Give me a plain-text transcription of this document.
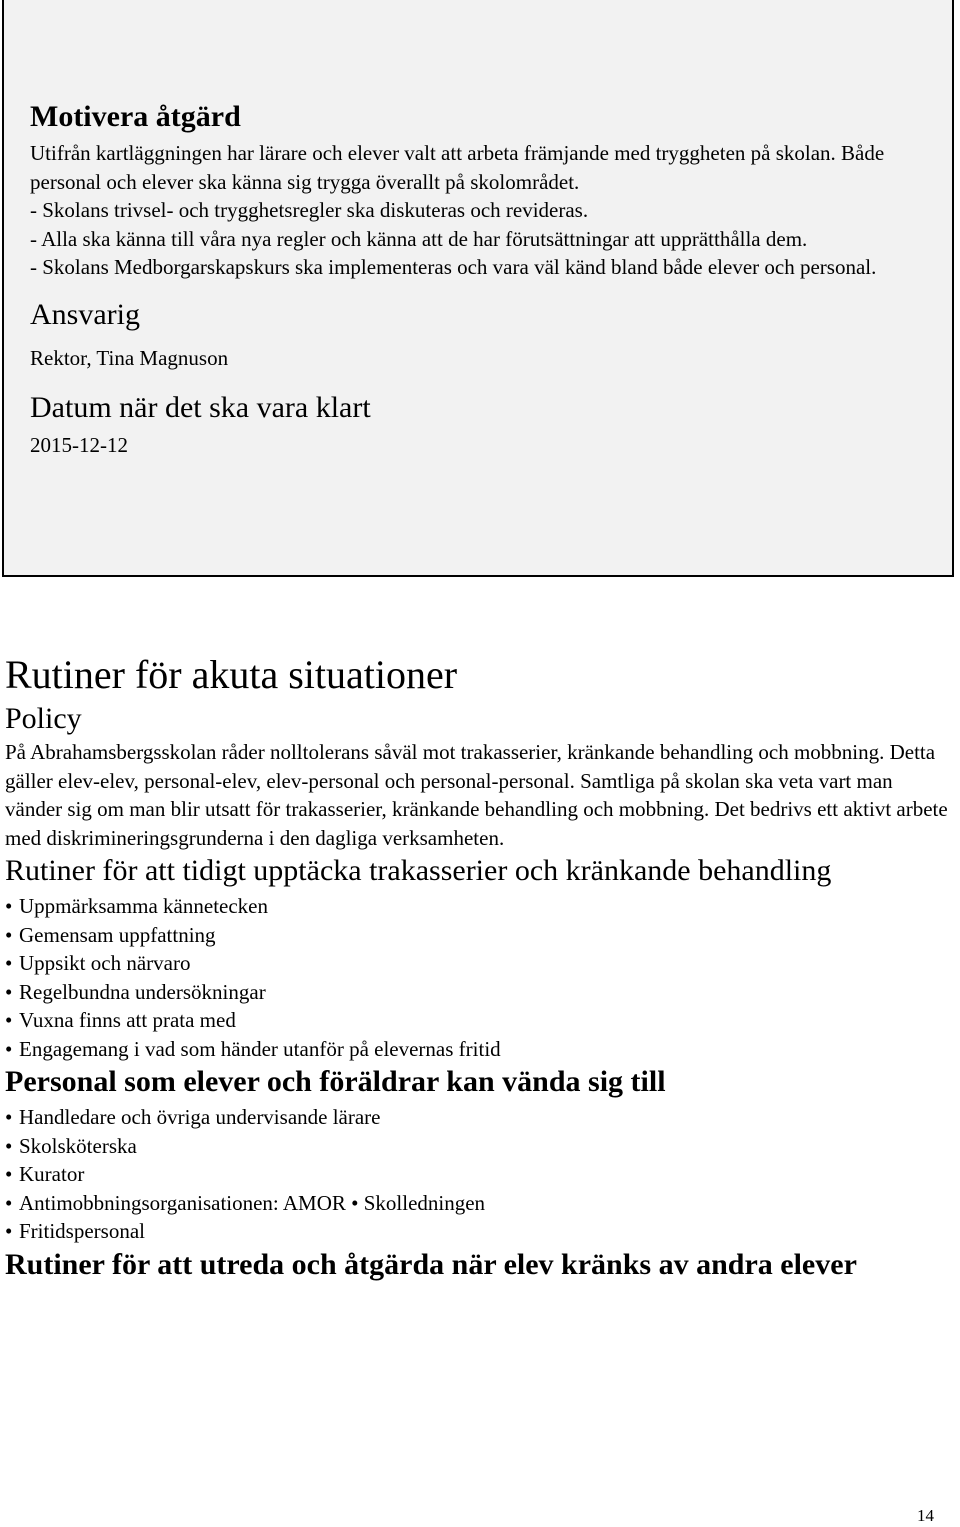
Motivera åtgärd

Utifrån kartläggningen har lärare och elever valt att arbeta främjande med tryggheten på skolan. Både personal och elever ska känna sig trygga överallt på skolområdet.

- Skolans trivsel- och trygghetsregler ska diskuteras och revideras.

- Alla ska känna till våra nya regler och känna att de har förutsättningar att upprätthålla dem.

- Skolans Medborgarskapskurs ska implementeras och vara väl känd bland både elever och personal.

Ansvarig

Rektor, Tina Magnuson

Datum när det ska vara klart

2015-12-12

Rutiner för akuta situationer
Policy

På Abrahamsbergsskolan råder nolltolerans såväl mot trakasserier, kränkande behandling och mobbning. Detta gäller elev-elev, personal-elev, elev-personal och personal-personal. Samtliga på skolan ska veta vart man vänder sig om man blir utsatt för trakasserier, kränkande behandling och mobbning. Det bedrivs ett aktivt arbete med diskrimineringsgrunderna i den dagliga verksamheten.

Rutiner för att tidigt upptäcka trakasserier och kränkande behandling
• Uppmärksamma kännetecken
• Gemensam uppfattning
• Uppsikt och närvaro
• Regelbundna undersökningar
• Vuxna finns att prata med
• Engagemang i vad som händer utanför på elevernas fritid
Personal som elever och föräldrar kan vända sig till
• Handledare och övriga undervisande lärare
• Skolsköterska
• Kurator
• Antimobbningsorganisationen: AMOR • Skolledningen
• Fritidspersonal
Rutiner för att utreda och åtgärda när elev kränks av andra elever
14
